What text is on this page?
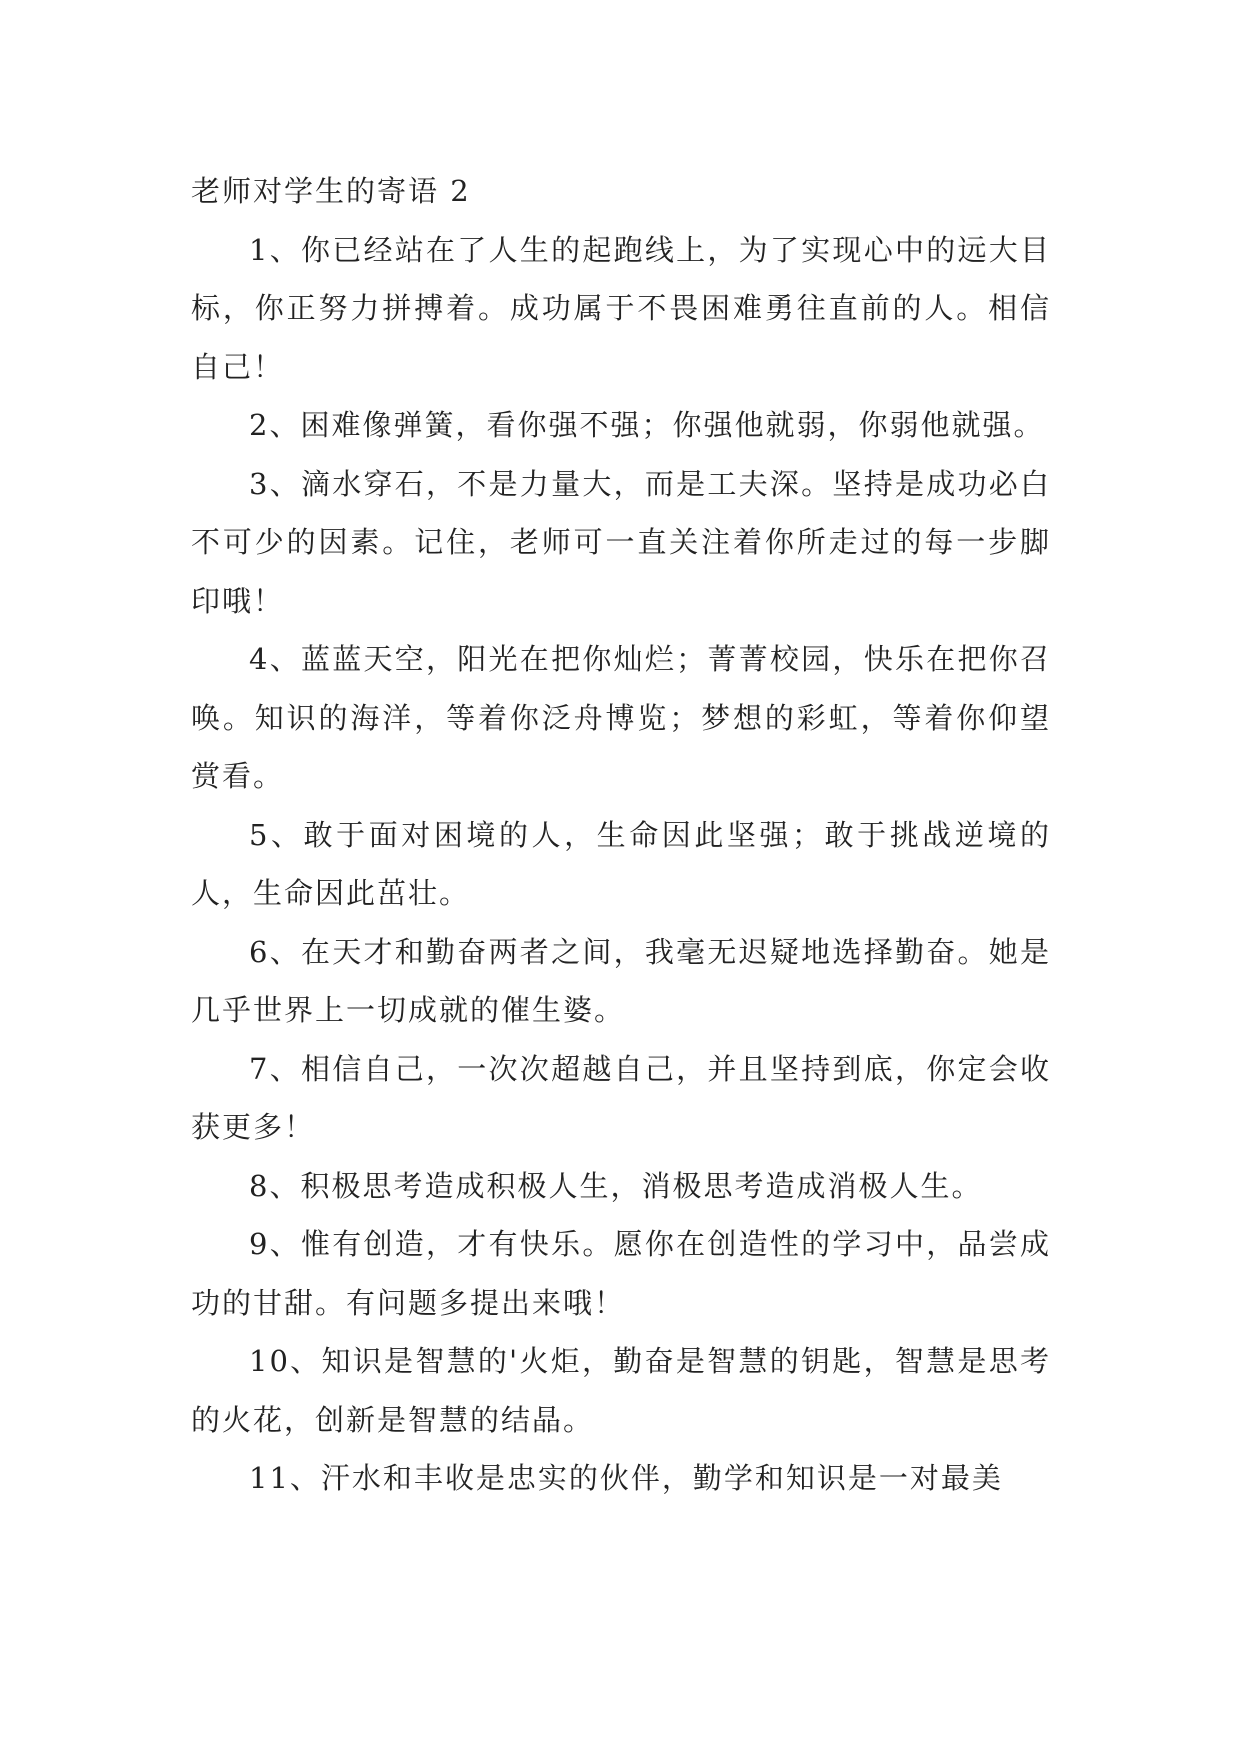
老师对学生的寄语 2

1、你已经站在了人生的起跑线上，为了实现心中的远大目标，你正努力拼搏着。成功属于不畏困难勇往直前的人。相信自己！

2、困难像弹簧，看你强不强；你强他就弱，你弱他就强。

3、滴水穿石，不是力量大，而是工夫深。坚持是成功必白不可少的因素。记住，老师可一直关注着你所走过的每一步脚印哦！

4、蓝蓝天空，阳光在把你灿烂；菁菁校园，快乐在把你召唤。知识的海洋，等着你泛舟博览；梦想的彩虹，等着你仰望赏看。

5、敢于面对困境的人，生命因此坚强；敢于挑战逆境的人，生命因此茁壮。

6、在天才和勤奋两者之间，我毫无迟疑地选择勤奋。她是几乎世界上一切成就的催生婆。

7、相信自己，一次次超越自己，并且坚持到底，你定会收获更多！

8、积极思考造成积极人生，消极思考造成消极人生。

9、惟有创造，才有快乐。愿你在创造性的学习中，品尝成功的甘甜。有问题多提出来哦！

10、知识是智慧的'火炬，勤奋是智慧的钥匙，智慧是思考的火花，创新是智慧的结晶。

11、汗水和丰收是忠实的伙伴，勤学和知识是一对最美
